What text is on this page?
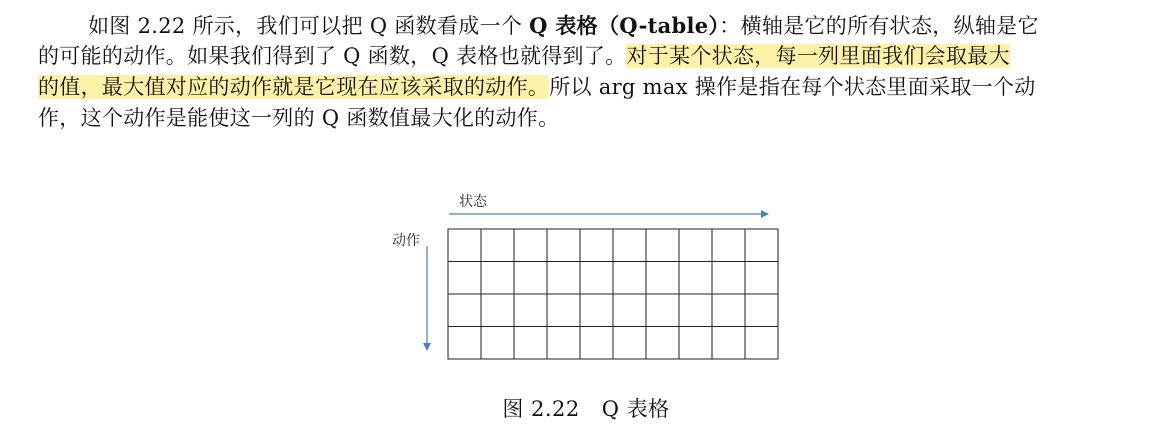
如图 2.22 所示，我们可以把 Q 函数看成一个 Q 表格（Q-table）：横轴是它的所有状态，纵轴是它
的可能的动作。如果我们得到了 Q 函数，Q 表格也就得到了。对于某个状态，每一列里面我们会取最大
的值，最大值对应的动作就是它现在应该采取的动作。所以 arg max 操作是指在每个状态里面采取一个动
作，这个动作是能使这一列的 Q 函数值最大化的动作。
状态
动作
图 2.22 Q 表格
